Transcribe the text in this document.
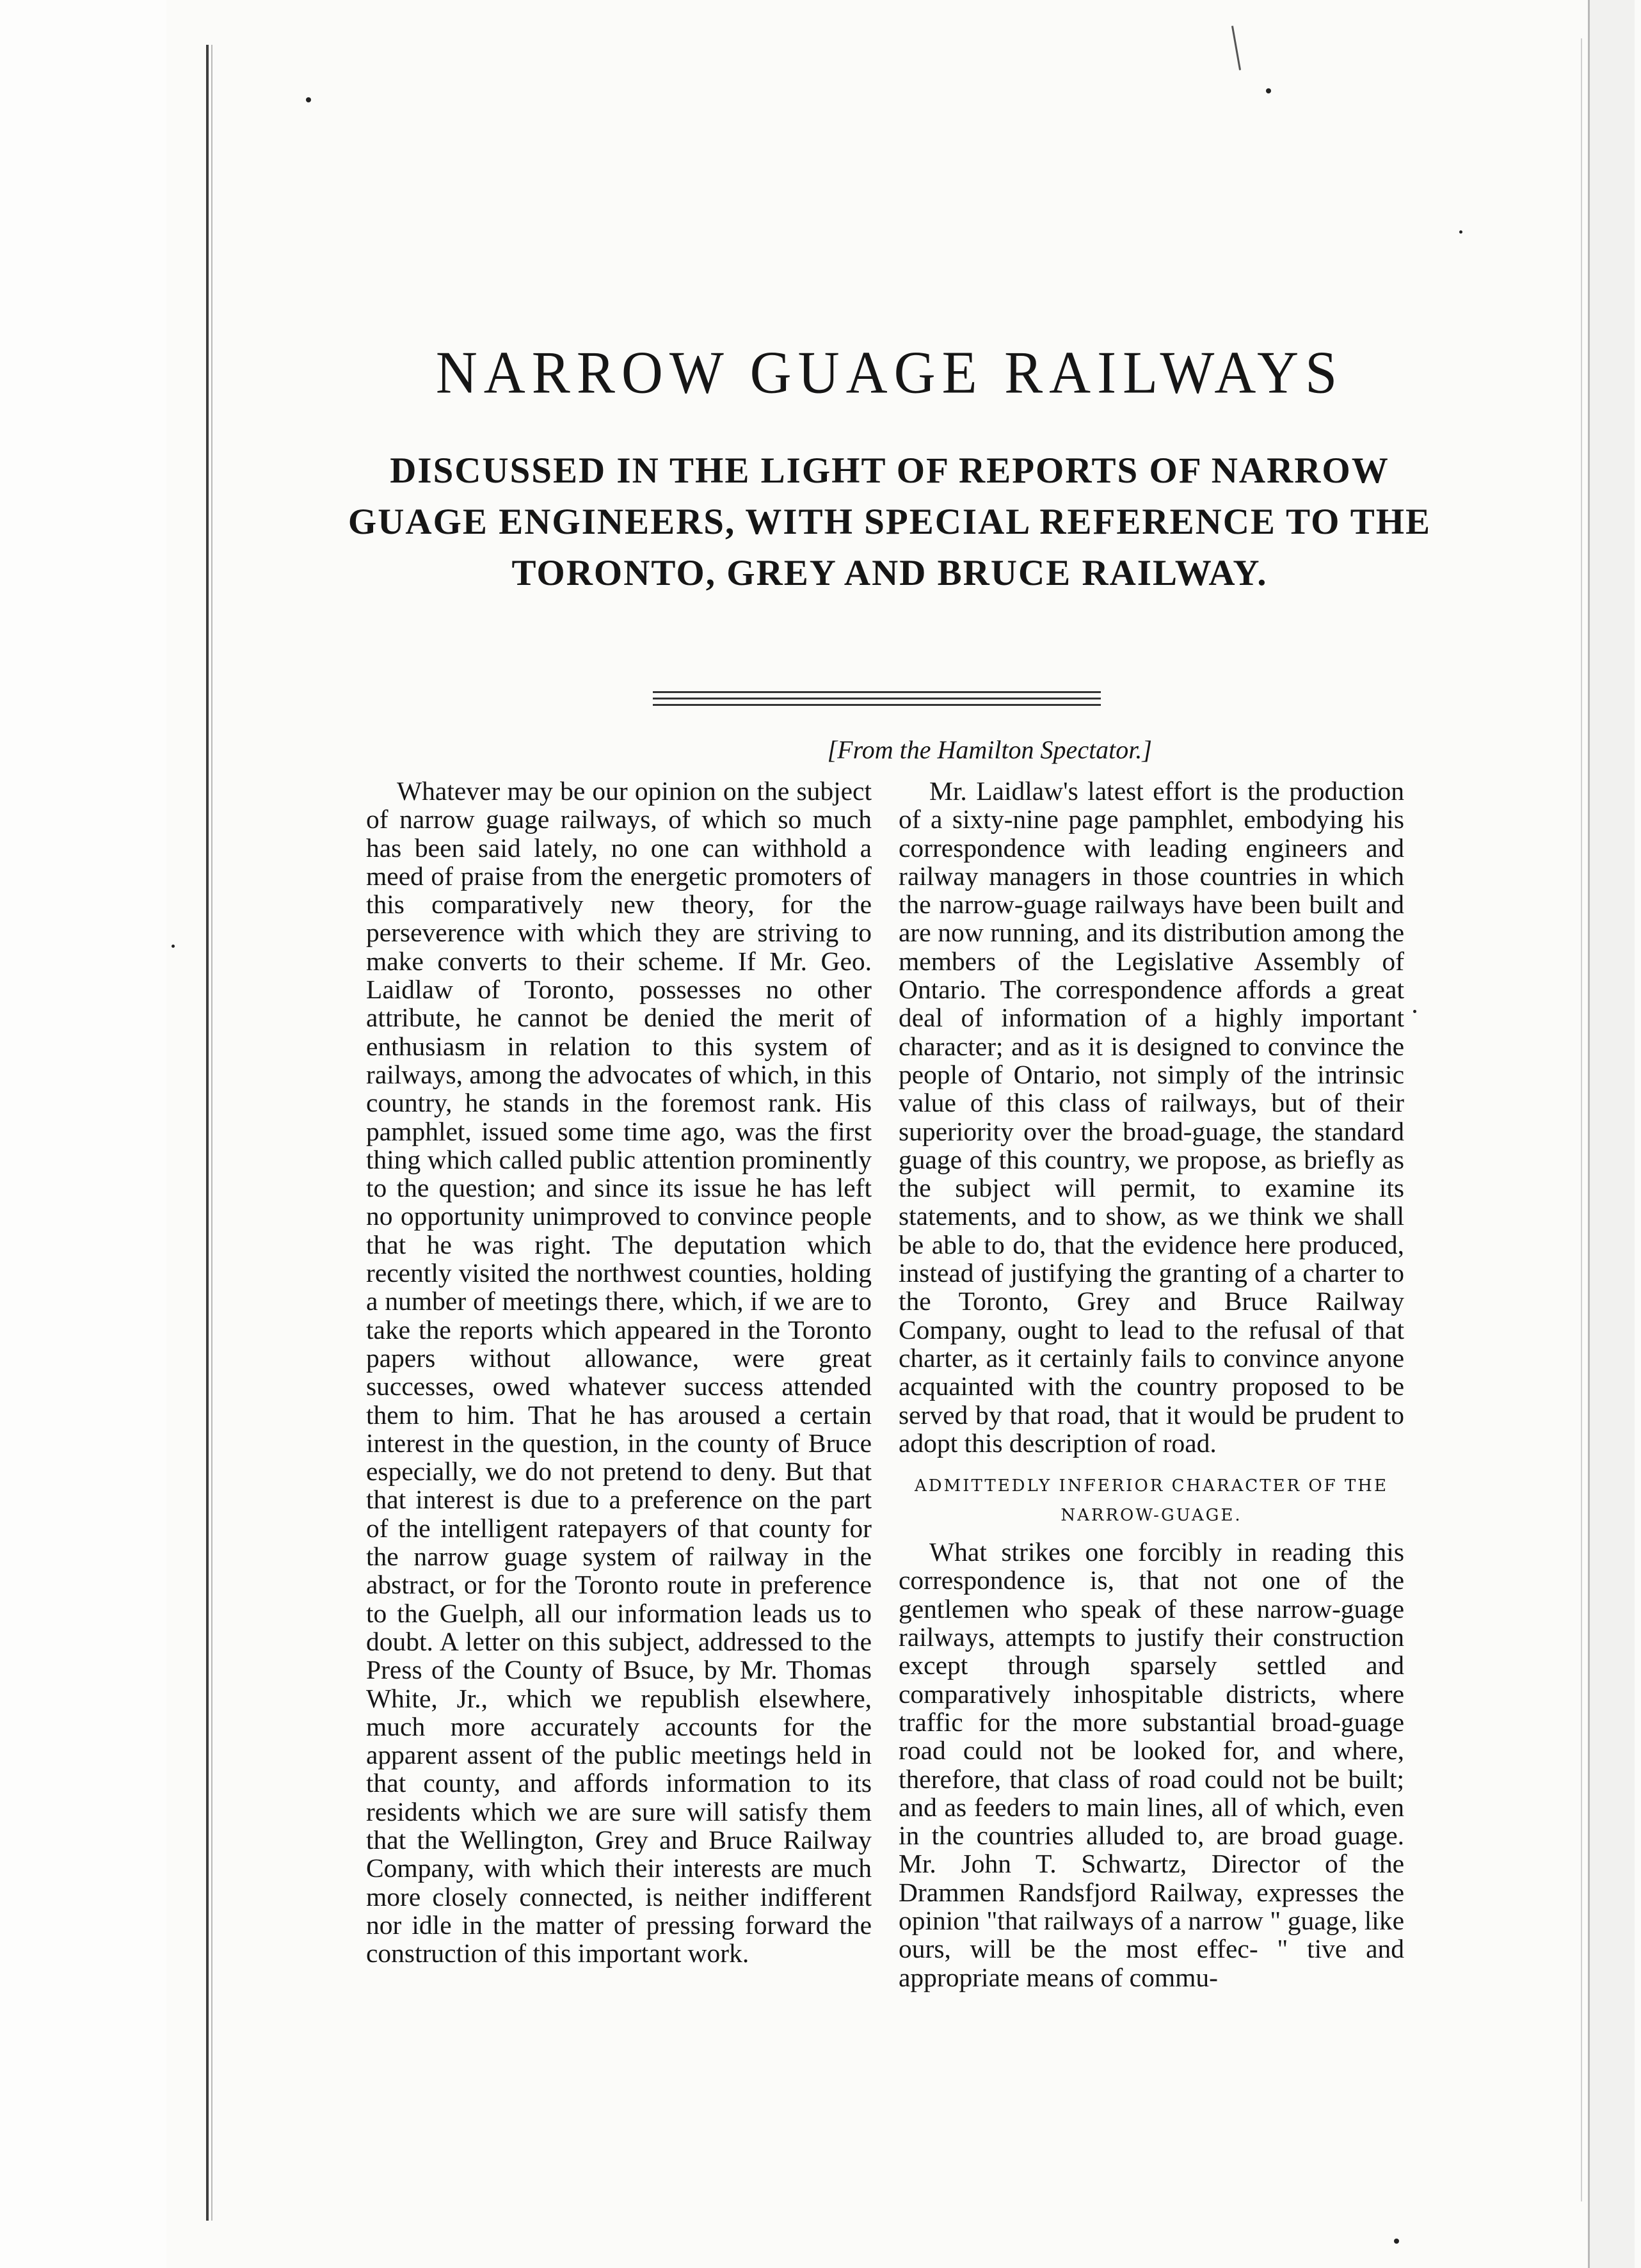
NARROW GUAGE RAILWAYS
DISCUSSED IN THE LIGHT OF REPORTS OF NARROW GUAGE ENGINEERS, WITH SPECIAL REFERENCE TO THE TORONTO, GREY AND BRUCE RAILWAY.

[From the Hamilton Spectator.]

Whatever may be our opinion on the subject of narrow guage railways, of which so much has been said lately, no one can withhold a meed of praise from the energetic promoters of this comparatively new theory, for the perseverence with which they are striving to make converts to their scheme. If Mr. Geo. Laidlaw of Toronto, possesses no other attribute, he cannot be denied the merit of enthusiasm in relation to this system of railways, among the advocates of which, in this country, he stands in the foremost rank. His pamphlet, issued some time ago, was the first thing which called public attention prominently to the question; and since its issue he has left no opportunity unimproved to convince people that he was right. The deputation which recently visited the northwest counties, holding a number of meetings there, which, if we are to take the reports which appeared in the Toronto papers without allowance, were great successes, owed whatever success attended them to him. That he has aroused a certain interest in the question, in the county of Bruce especially, we do not pretend to deny. But that that interest is due to a preference on the part of the intelligent ratepayers of that county for the narrow guage system of railway in the abstract, or for the Toronto route in preference to the Guelph, all our information leads us to doubt. A letter on this subject, addressed to the Press of the County of Bsuce, by Mr. Thomas White, Jr., which we republish elsewhere, much more accurately accounts for the apparent assent of the public meetings held in that county, and affords information to its residents which we are sure will satisfy them that the Wellington, Grey and Bruce Railway Company, with which their interests are much more closely connected, is neither indifferent nor idle in the matter of pressing forward the construction of this important work.

Mr. Laidlaw's latest effort is the production of a sixty-nine page pamphlet, embodying his correspondence with leading engineers and railway managers in those countries in which the narrow-guage railways have been built and are now running, and its distribution among the members of the Legislative Assembly of Ontario. The correspondence affords a great deal of information of a highly important character; and as it is designed to convince the people of Ontario, not simply of the intrinsic value of this class of railways, but of their superiority over the broad-guage, the standard guage of this country, we propose, as briefly as the subject will permit, to examine its statements, and to show, as we think we shall be able to do, that the evidence here produced, instead of justifying the granting of a charter to the Toronto, Grey and Bruce Railway Company, ought to lead to the refusal of that charter, as it certainly fails to convince anyone acquainted with the country proposed to be served by that road, that it would be prudent to adopt this description of road.

ADMITTEDLY INFERIOR CHARACTER OF THE NARROW-GUAGE.

What strikes one forcibly in reading this correspondence is, that not one of the gentlemen who speak of these narrow-guage railways, attempts to justify their construction except through sparsely settled and comparatively inhospitable districts, where traffic for the more substantial broad-guage road could not be looked for, and where, therefore, that class of road could not be built; and as feeders to main lines, all of which, even in the countries alluded to, are broad guage. Mr. John T. Schwartz, Director of the Drammen Randsfjord Railway, expresses the opinion "that railways of a narrow " guage, like ours, will be the most effec- " tive and appropriate means of commu-
